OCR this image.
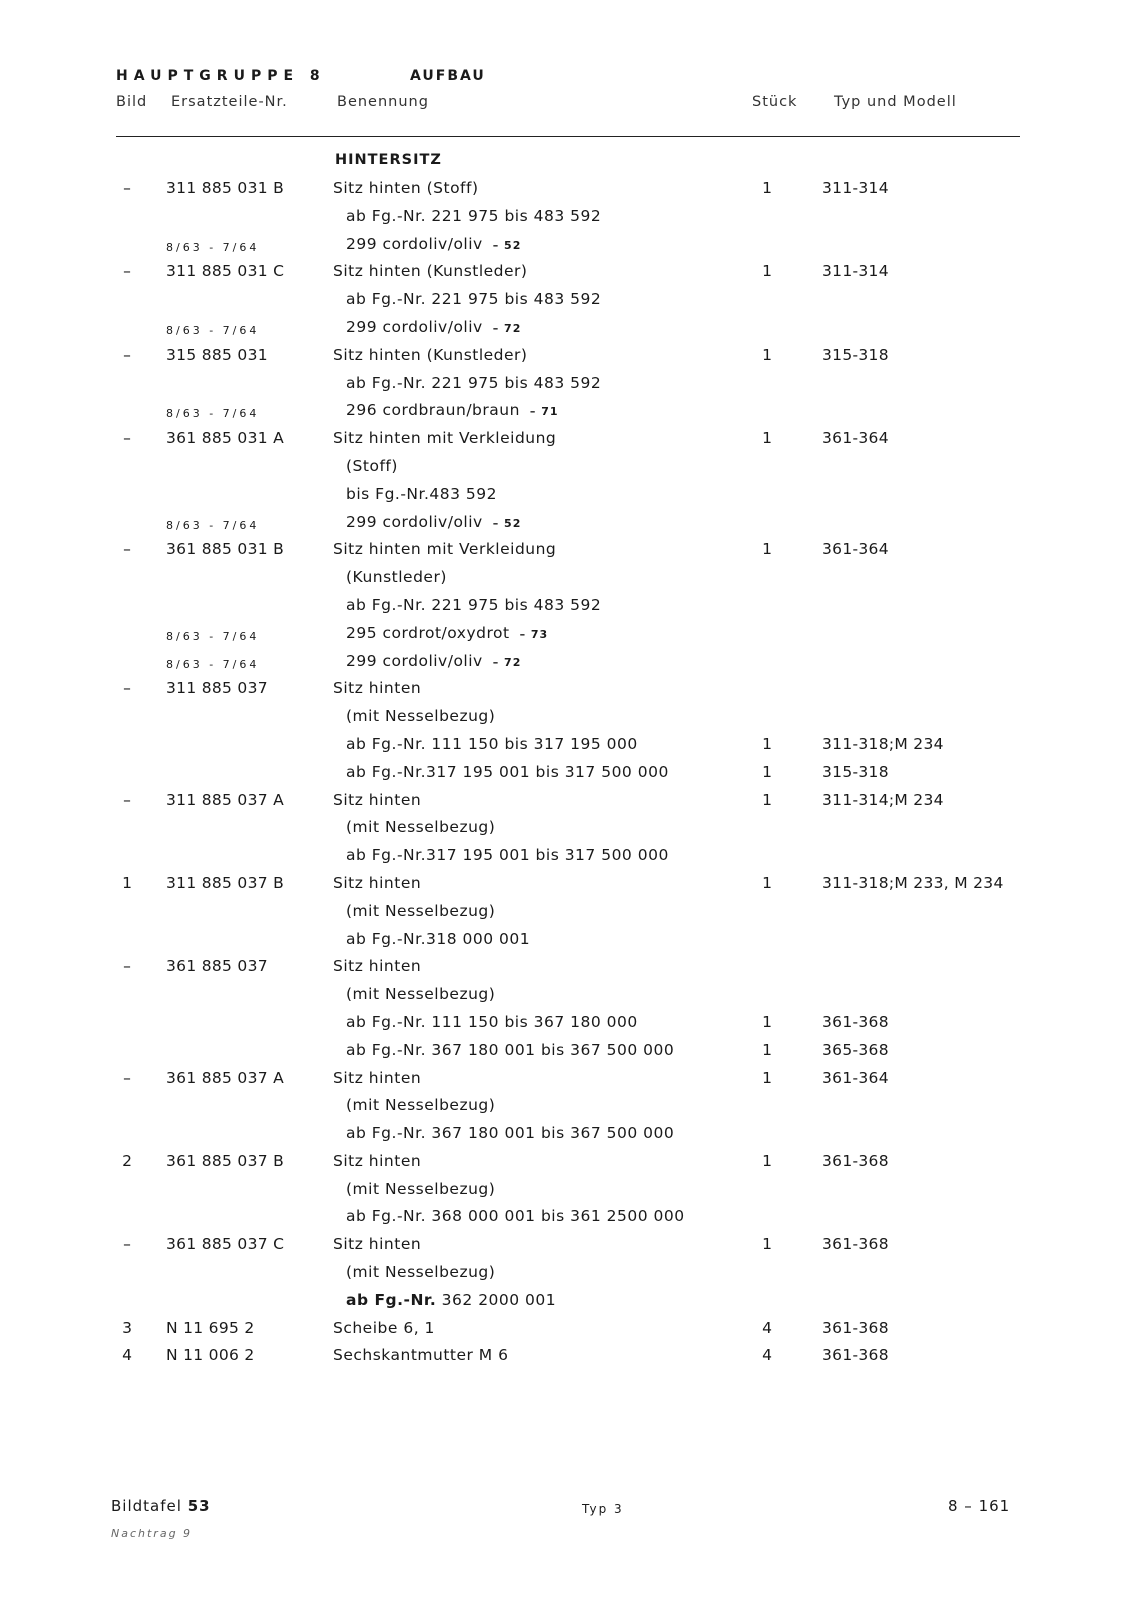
HAUPTGRUPPE 8	AUFBAU
Bild Ersatzteile-Nr.	Benennung	Stück	Typ und Modell
HINTERSITZ
–	311 885 031 B	Sitz hinten (Stoff)	1	311-314
ab Fg.-Nr. 221 975 bis 483 592
8/63 - 7/64	299 cordoliv/oliv – 52
–	311 885 031 C	Sitz hinten (Kunstleder)	1	311-314
ab Fg.-Nr. 221 975 bis 483 592
8/63 - 7/64	299 cordoliv/oliv – 72
–	315 885 031	Sitz hinten (Kunstleder)	1	315-318
ab Fg.-Nr. 221 975 bis 483 592
8/63 - 7/64	296 cordbraun/braun – 71
–	361 885 031 A	Sitz hinten mit Verkleidung	1	361-364
(Stoff)
bis Fg.-Nr.483 592
8/63 - 7/64	299 cordoliv/oliv – 52
–	361 885 031 B	Sitz hinten mit Verkleidung	1	361-364
(Kunstleder)
ab Fg.-Nr. 221 975 bis 483 592
8/63 - 7/64	295 cordrot/oxydrot – 73
8/63 - 7/64	299 cordoliv/oliv – 72
–	311 885 037	Sitz hinten
(mit Nesselbezug)
ab Fg.-Nr. 111 150 bis 317 195 000	1	311-318;M 234
ab Fg.-Nr.317 195 001 bis 317 500 000	1	315-318
–	311 885 037 A	Sitz hinten	1	311-314;M 234
(mit Nesselbezug)
ab Fg.-Nr.317 195 001 bis 317 500 000
1	311 885 037 B	Sitz hinten	1	311-318;M 233, M 234
(mit Nesselbezug)
ab Fg.-Nr.318 000 001
–	361 885 037	Sitz hinten
(mit Nesselbezug)
ab Fg.-Nr. 111 150 bis 367 180 000	1	361-368
ab Fg.-Nr. 367 180 001 bis 367 500 000	1	365-368
–	361 885 037 A	Sitz hinten	1	361-364
(mit Nesselbezug)
ab Fg.-Nr. 367 180 001 bis 367 500 000
2	361 885 037 B	Sitz hinten	1	361-368
(mit Nesselbezug)
ab Fg.-Nr. 368 000 001 bis 361 2500 000
–	361 885 037 C	Sitz hinten	1	361-368
(mit Nesselbezug)
ab Fg.-Nr. 362 2000 001
3	N 11 695 2	Scheibe 6, 1	4	361-368
4	N 11 006 2	Sechskantmutter M 6	4	361-368
Bildtafel 53
Nachtrag 9
Typ 3	8 – 161
